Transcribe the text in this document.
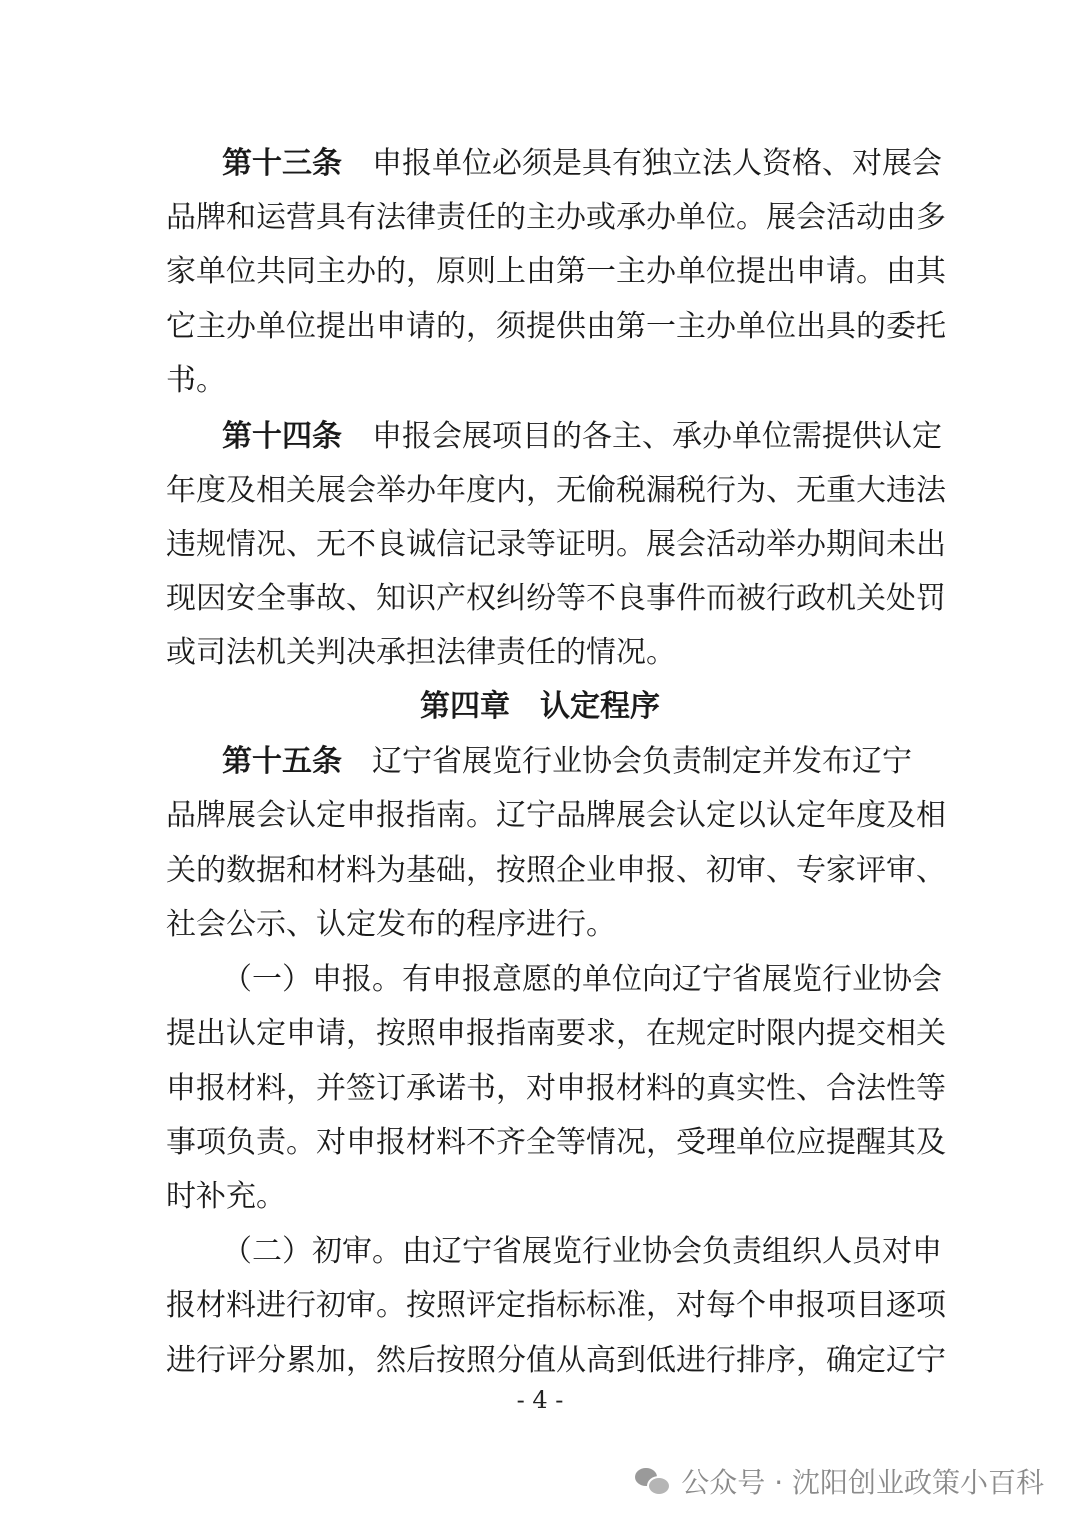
第十三条 申报单位必须是具有独立法人资格、对展会
品牌和运营具有法律责任的主办或承办单位。展会活动由多
家单位共同主办的，原则上由第一主办单位提出申请。由其
它主办单位提出申请的，须提供由第一主办单位出具的委托
书。
第十四条 申报会展项目的各主、承办单位需提供认定
年度及相关展会举办年度内，无偷税漏税行为、无重大违法
违规情况、无不良诚信记录等证明。展会活动举办期间未出
现因安全事故、知识产权纠纷等不良事件而被行政机关处罚
或司法机关判决承担法律责任的情况。
第四章　认定程序
第十五条 辽宁省展览行业协会负责制定并发布辽宁
品牌展会认定申报指南。辽宁品牌展会认定以认定年度及相
关的数据和材料为基础，按照企业申报、初审、专家评审、
社会公示、认定发布的程序进行。
（一）申报。有申报意愿的单位向辽宁省展览行业协会
提出认定申请，按照申报指南要求，在规定时限内提交相关
申报材料，并签订承诺书，对申报材料的真实性、合法性等
事项负责。对申报材料不齐全等情况，受理单位应提醒其及
时补充。
（二）初审。由辽宁省展览行业协会负责组织人员对申
报材料进行初审。按照评定指标标准，对每个申报项目逐项
进行评分累加，然后按照分值从高到低进行排序，确定辽宁
- 4 -
公众号 · 沈阳创业政策小百科
